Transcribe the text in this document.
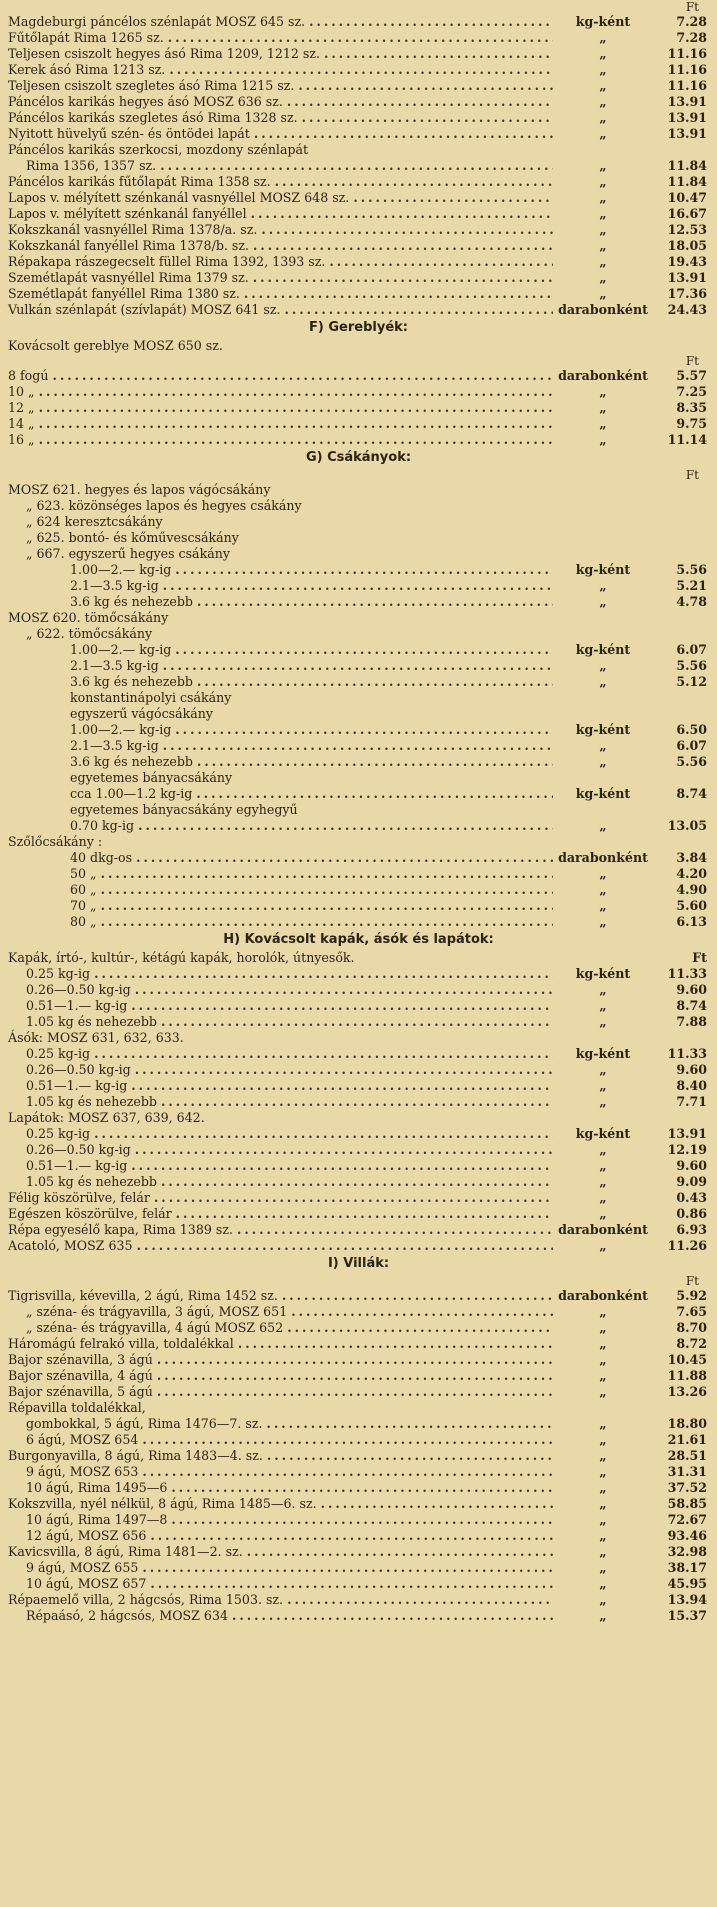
Ft
Magdeburgi páncélos szénlapát MOSZ 645 sz. .....	kg-ként	7.28
Fűtőlapát Rima 1265 sz. .....	„	7.28
Teljesen csiszolt hegyes ásó Rima 1209, 1212 sz. .....	„	11.16
Kerek ásó Rima 1213 sz. .....	„	11.16
Teljesen csiszolt szegletes ásó Rima 1215 sz. .....	„	11.16
Páncélos karikás hegyes ásó MOSZ 636 sz. .....	„	13.91
Páncélos karikás szegletes ásó Rima 1328 sz. .....	„	13.91
Nyitott hüvelyű szén- és öntödei lapát .....	„	13.91
Páncélos karikás szerkocsi, mozdony szénlapát
Rima 1356, 1357 sz. .....	„	11.84
Páncélos karikás fűtőlapát Rima 1358 sz. .....	„	11.84
Lapos v. mélyített szénkanál vasnyéllel MOSZ 648 sz. .....	„	10.47
Lapos v. mélyített szénkanál fanyéllel .....	„	16.67
Kokszkanál vasnyéllel Rima 1378/a. sz. .....	„	12.53
Kokszkanál fanyéllel Rima 1378/b. sz. .....	„	18.05
Répakapa rászegecselt füllel Rima 1392, 1393 sz. .....	„	19.43
Szemétlapát vasnyéllel Rima 1379 sz. .....	„	13.91
Szemétlapát fanyéllel Rima 1380 sz. .....	„	17.36
Vulkán szénlapát (szívlapát) MOSZ 641 sz. .....	darabonként	24.43
F) Gereblyék:
Kovácsolt gereblye MOSZ 650 sz.
Ft
8 fogú .....	darabonként	5.57
10 „ .....	„	7.25
12 „ .....	„	8.35
14 „ .....	„	9.75
16 „ .....	„	11.14
G) Csákányok:
Ft
MOSZ 621. hegyes és lapos vágócsákány
„ 623. közönséges lapos és hegyes csákány
„ 624 keresztcsákány
„ 625. bontó- és kőművescsákány
„ 667. egyszerű hegyes csákány
1.00—2.— kg-ig .....	kg-ként	5.56
2.1—3.5 kg-ig .....	„	5.21
3.6 kg és nehezebb .....	„	4.78
MOSZ 620. tömőcsákány
„ 622. tömőcsákány
1.00—2.— kg-ig .....	kg-ként	6.07
2.1—3.5 kg-ig .....	„	5.56
3.6 kg és nehezebb .....	„	5.12
konstantinápolyi csákány
egyszerű vágócsákány
1.00—2.— kg-ig .....	kg-ként	6.50
2.1—3.5 kg-ig .....	„	6.07
3.6 kg és nehezebb .....	„	5.56
egyetemes bányacsákány
cca 1.00—1.2 kg-ig .....	kg-ként	8.74
egyetemes bányacsákány egyhegyű
0.70 kg-ig .....	„	13.05
Szőlőcsákány :
40 dkg-os .....	darabonként	3.84
50 „ .....	„	4.20
60 „ .....	„	4.90
70 „ .....	„	5.60
80 „ .....	„	6.13
H) Kovácsolt kapák, ásók és lapátok:
Kapák, írtó-, kultúr-, kétágú kapák, horolók, útnyesők.	Ft
0.25 kg-ig .....	kg-ként	11.33
0.26—0.50 kg-ig .....	„	9.60
0.51—1.— kg-ig .....	„	8.74
1.05 kg és nehezebb .....	„	7.88
Ásók: MOSZ 631, 632, 633.
0.25 kg-ig .....	kg-ként	11.33
0.26—0.50 kg-ig .....	„	9.60
0.51—1.— kg-ig .....	„	8.40
1.05 kg és nehezebb .....	„	7.71
Lapátok: MOSZ 637, 639, 642.
0.25 kg-ig .....	kg-ként	13.91
0.26—0.50 kg-ig .....	„	12.19
0.51—1.— kg-ig .....	„	9.60
1.05 kg és nehezebb .....	„	9.09
Félig köszörülve, felár .....	„	0.43
Egészen köszörülve, felár .....	„	0.86
Répa egyesélő kapa, Rima 1389 sz. .....	darabonként	6.93
Acatoló, MOSZ 635 .....	„	11.26
I) Villák:
Ft
Tigrisvilla, kévevilla, 2 ágú, Rima 1452 sz. .....	darabonként	5.92
„ széna- és trágyavilla, 3 ágú, MOSZ 651 .....	„	7.65
„ széna- és trágyavilla, 4 ágú MOSZ 652 .....	„	8.70
Háromágú felrakó villa, toldalékkal .....	„	8.72
Bajor szénavilla, 3 ágú .....	„	10.45
Bajor szénavilla, 4 ágú .....	„	11.88
Bajor szénavilla, 5 ágú .....	„	13.26
Répavilla toldalékkal,
gombokkal, 5 ágú, Rima 1476—7. sz. .....	„	18.80
6 ágú, MOSZ 654 .....	„	21.61
Burgonyavilla, 8 ágú, Rima 1483—4. sz. .....	„	28.51
9 ágú, MOSZ 653 .....	„	31.31
10 ágú, Rima 1495—6 .....	„	37.52
Kokszvilla, nyél nélkül, 8 ágú, Rima 1485—6. sz. .....	„	58.85
10 ágú, Rima 1497—8 .....	„	72.67
12 ágú, MOSZ 656 .....	„	93.46
Kavicsvilla, 8 ágú, Rima 1481—2. sz. .....	„	32.98
9 ágú, MOSZ 655 .....	„	38.17
10 ágú, MOSZ 657 .....	„	45.95
Répaemelő villa, 2 hágcsós, Rima 1503. sz. .....	„	13.94
Répaásó, 2 hágcsós, MOSZ 634 .....	„	15.37
